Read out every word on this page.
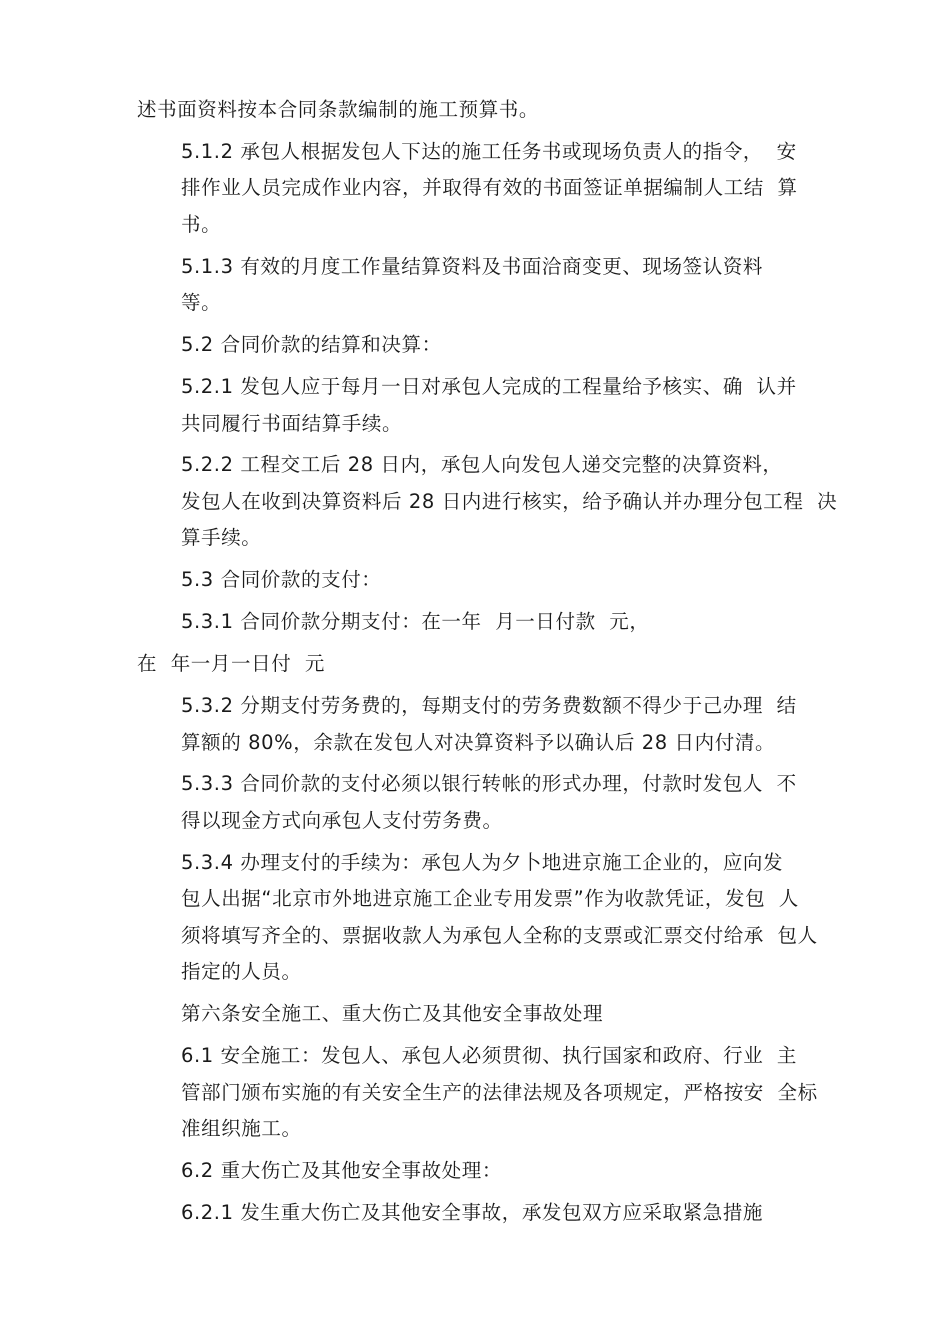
述书面资料按本合同条款编制的施工预算书。

5.1.2 承包人根据发包人下达的施工任务书或现场负责人的指令，  安
排作业人员完成作业内容，并取得有效的书面签证单据编制人工结  算
书。

5.1.3 有效的月度工作量结算资料及书面洽商变更、现场签认资料
等。

5.2 合同价款的结算和决算：

5.2.1 发包人应于每月一日对承包人完成的工程量给予核实、确  认并
共同履行书面结算手续。

5.2.2 工程交工后 28 日内，承包人向发包人递交完整的决算资料，
发包人在收到决算资料后 28 日内进行核实，给予确认并办理分包工程  决
算手续。

5.3 合同价款的支付：

5.3.1 合同价款分期支付：在一年  月一日付款  元，

在  年一月一日付  元

5.3.2 分期支付劳务费的，每期支付的劳务费数额不得少于己办理  结
算额的 80%，余款在发包人对决算资料予以确认后 28 日内付清。

5.3.3 合同价款的支付必须以银行转帐的形式办理，付款时发包人  不
得以现金方式向承包人支付劳务费。

5.3.4 办理支付的手续为：承包人为夕卜地进京施工企业的，应向发
包人出据“北京市外地进京施工企业专用发票”作为收款凭证，发包  人
须将填写齐全的、票据收款人为承包人全称的支票或汇票交付给承  包人
指定的人员。

第六条安全施工、重大伤亡及其他安全事故处理

6.1 安全施工：发包人、承包人必须贯彻、执行国家和政府、行业  主
管部门颁布实施的有关安全生产的法律法规及各项规定，严格按安  全标
准组织施工。

6.2 重大伤亡及其他安全事故处理：

6.2.1 发生重大伤亡及其他安全事故，承发包双方应采取紧急措施
